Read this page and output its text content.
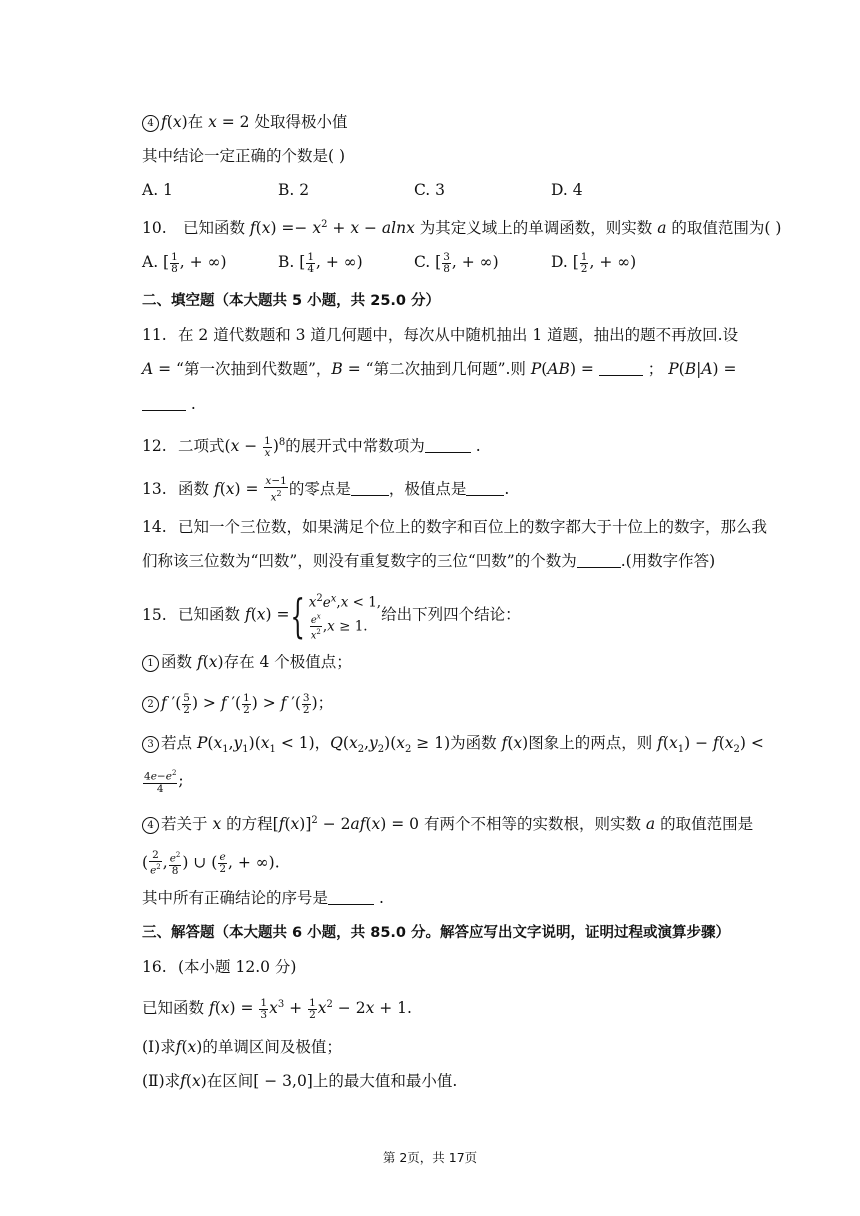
4 f(x)在 x = 2 处取得极小值
其中结论一定正确的个数是( )
A. 1	B. 2	C. 3	D. 4
10. 已知函数 $f(x) =- x^2 + x - alnx$ 为其定义域上的单调函数，则实数 a 的取值范围为( )
A. [ $\frac{1}{8}$ , + ∞)	B. [ $\frac{1}{4}$ , + ∞)	C. [ $\frac{3}{8}$ , + ∞)	D. [ $\frac{1}{2}$ , + ∞)
二、填空题（本大题共 5 小题，共 25.0 分）
11. 在 2 道代数题和 3 道几何题中，每次从中随机抽出 1 道题，抽出的题不再放回.设
A = “第一次抽到代数题”，B = “第二次抽到几何题”.则 P(AB) =	； P(B|A) =
.
12. 二项式$(x - \frac{1}{x} )^8$的展开式中常数项为	.
13. 函数 $f(x) = \frac{x-1}{x^2}$ 的零点是 ，极值点是 .
14. 已知一个三位数，如果满足个位上的数字和百位上的数字都大于十位上的数字，那么我
们称该三位数为“凹数”，则没有重复数字的三位“凹数”的个数为	.(用数字作答)
15. 已知函数 f(x) ={ $x^2e^x,x < 1$,
$\frac{e^x}{x^2} ,x \ge 1$.
给出下列四个结论：
1 函数 f(x)存在 4 个极值点；
2 f ′( $\frac{5}{2}$ ) > f ′( $\frac{1}{2}$ ) > f ′( $\frac{3}{2}$ )；
3 若点 $P(x_1,y_1)(x_1 < 1)$，$Q(x_2,y_2)(x_2 \ge 1)$为函数 f(x)图象上的两点，则 $f(x_1) - f(x_2)$ <
$\frac{4e-e^2}{4}$ ;
4 若关于 x 的方程$[f(x)]^2 - 2af(x) = 0$ 有两个不相等的实数根，则实数 a 的取值范围是
( $\frac{2}{e^2}$ , $\frac{e^2}{8}$ ) ∪ ( $\frac{e}{2}$ , + ∞).
其中所有正确结论的序号是	.
三、解答题（本大题共 6 小题，共 85.0 分。解答应写出文字说明，证明过程或演算步骤）
16. (本小题 12.0 分)
已知函数 $f(x) = \frac{1}{3} x^3 + \frac{1}{2} x^2 - 2x + 1$.
(Ⅰ)求f(x)的单调区间及极值；
(Ⅱ)求f(x)在区间[ − 3,0]上的最大值和最小值.
第 2页，共 17页
